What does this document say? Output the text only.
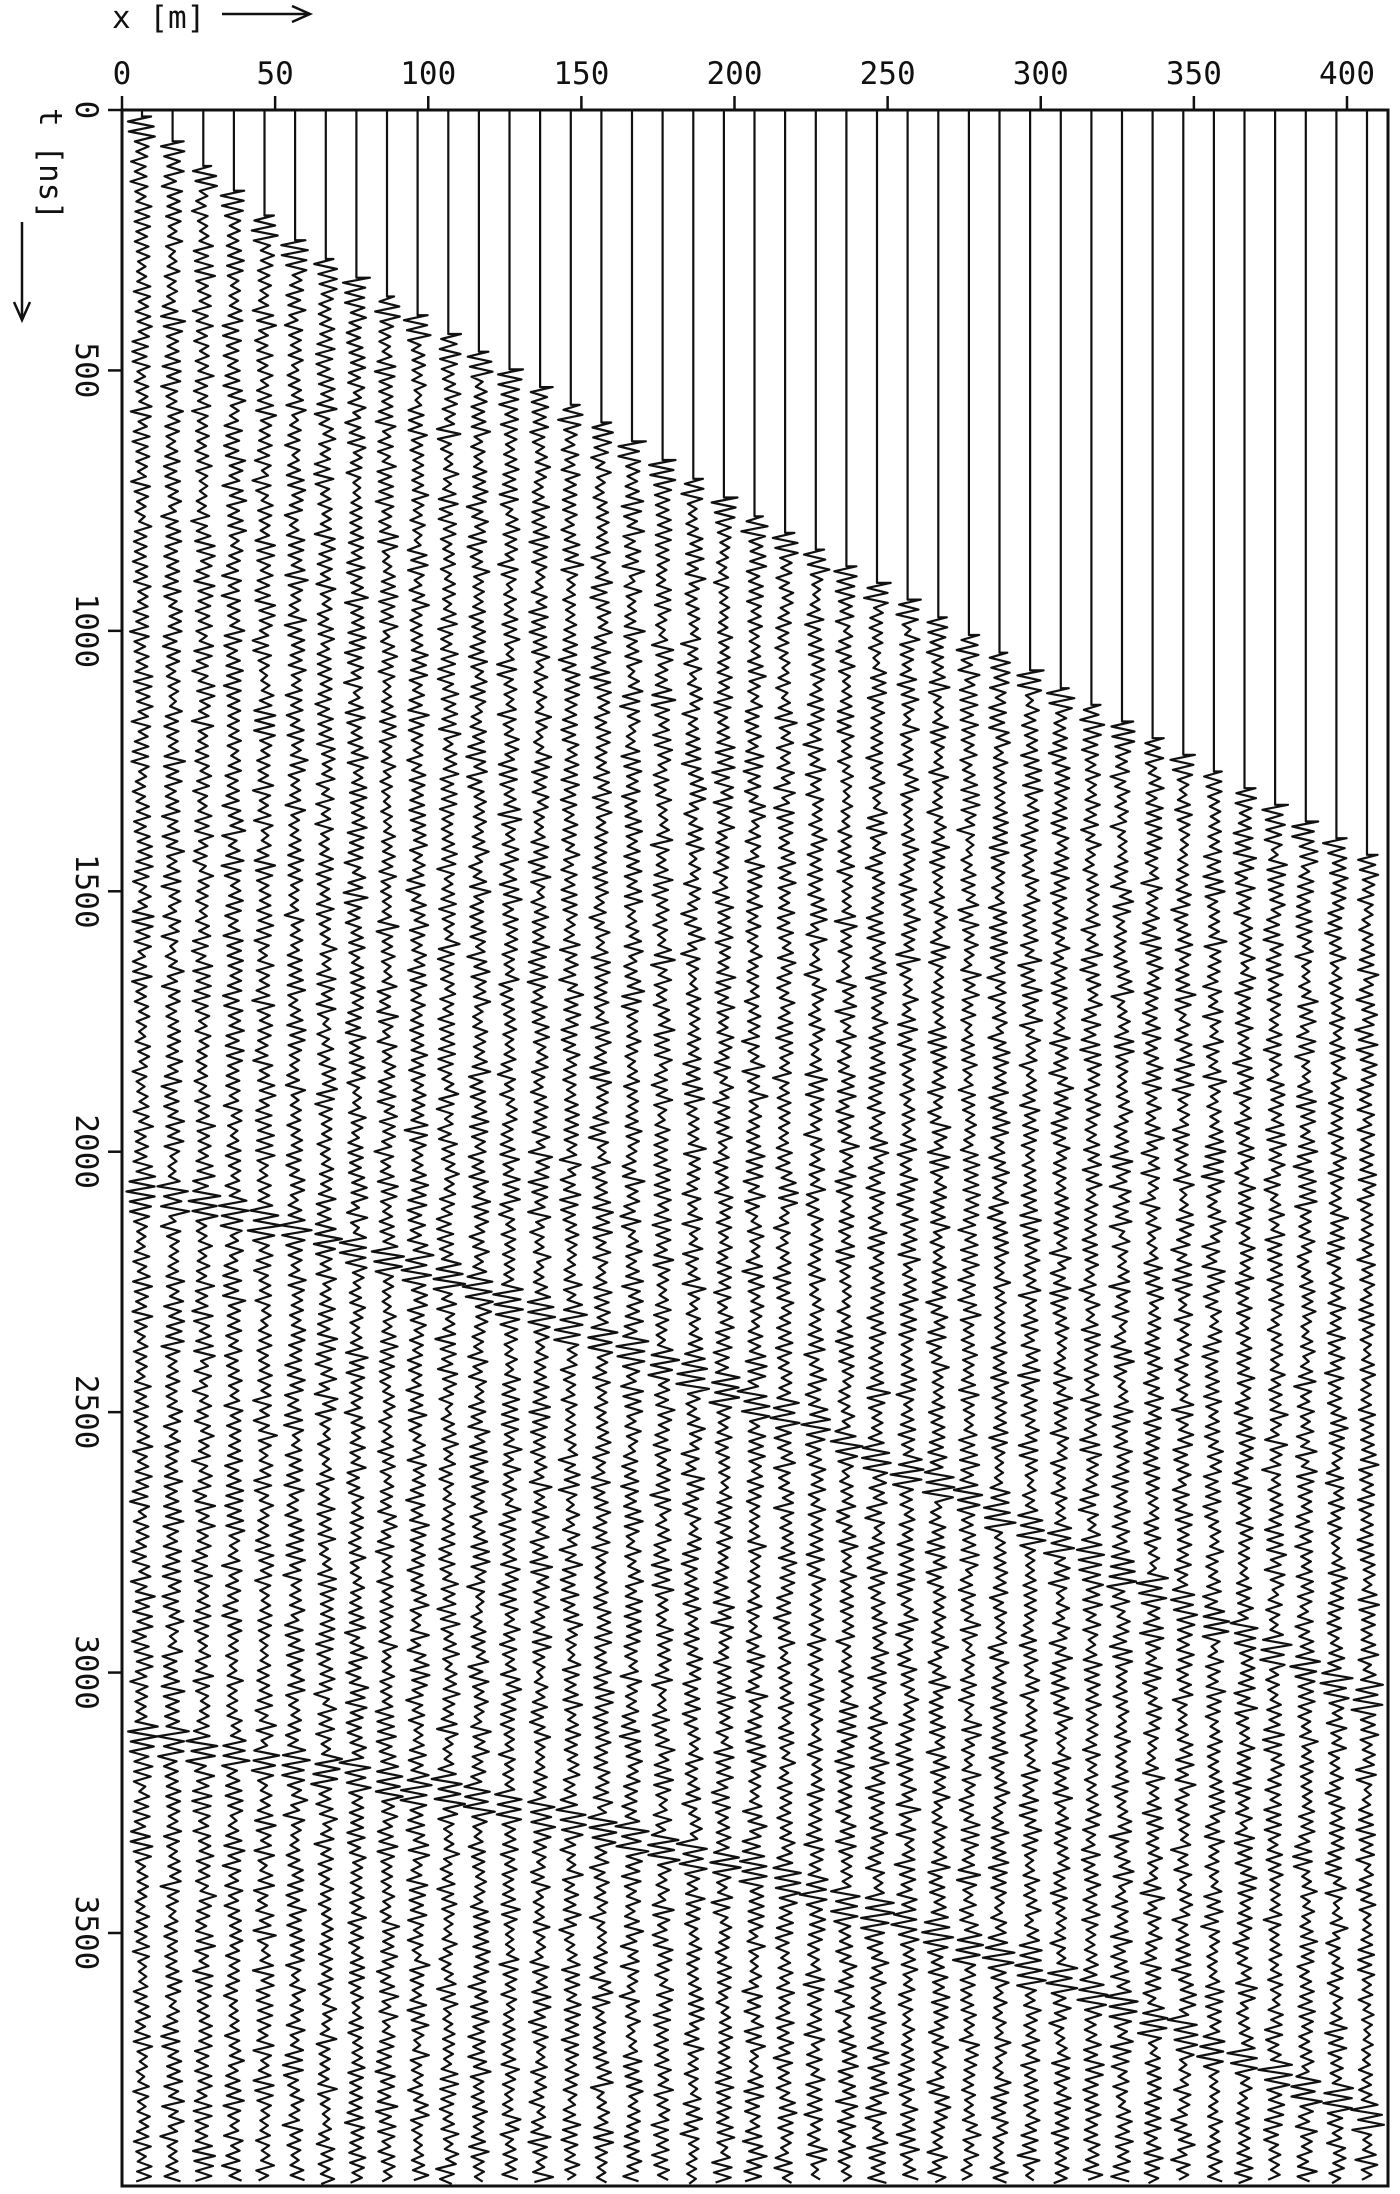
x [m]
t [ns]
0	50	100	150	200	250	300	350	400
0
500
1000
1500
2000
2500
3000
3500
